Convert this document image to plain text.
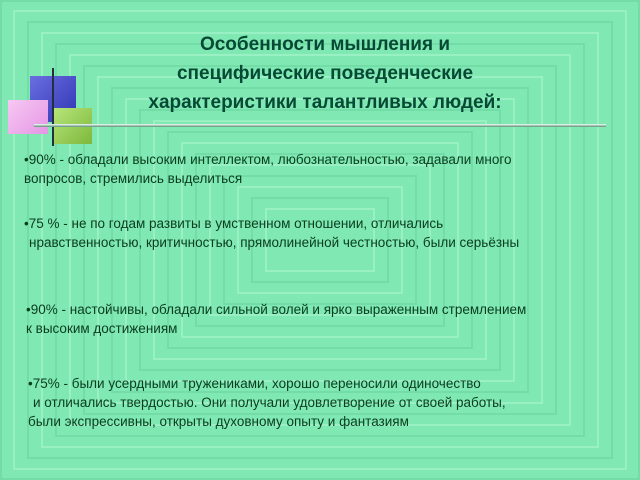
Особенности мышления и
специфические поведенческие
характеристики талантливых людей:

•90% - обладали высоким интеллектом, любознательностью, задавали много
вопросов, стремились выделиться

•75 % - не по годам развиты в умственном отношении, отличались
нравственностью, критичностью, прямолинейной честностью, были серьёзны

•90% - настойчивы, обладали сильной волей и ярко выраженным стремлением
к высоким достижениям

•75% - были усердными тружениками, хорошо переносили одиночество
и отличались твердостью. Они получали удовлетворение от своей работы,
были экспрессивны, открыты духовному опыту и фантазиям
